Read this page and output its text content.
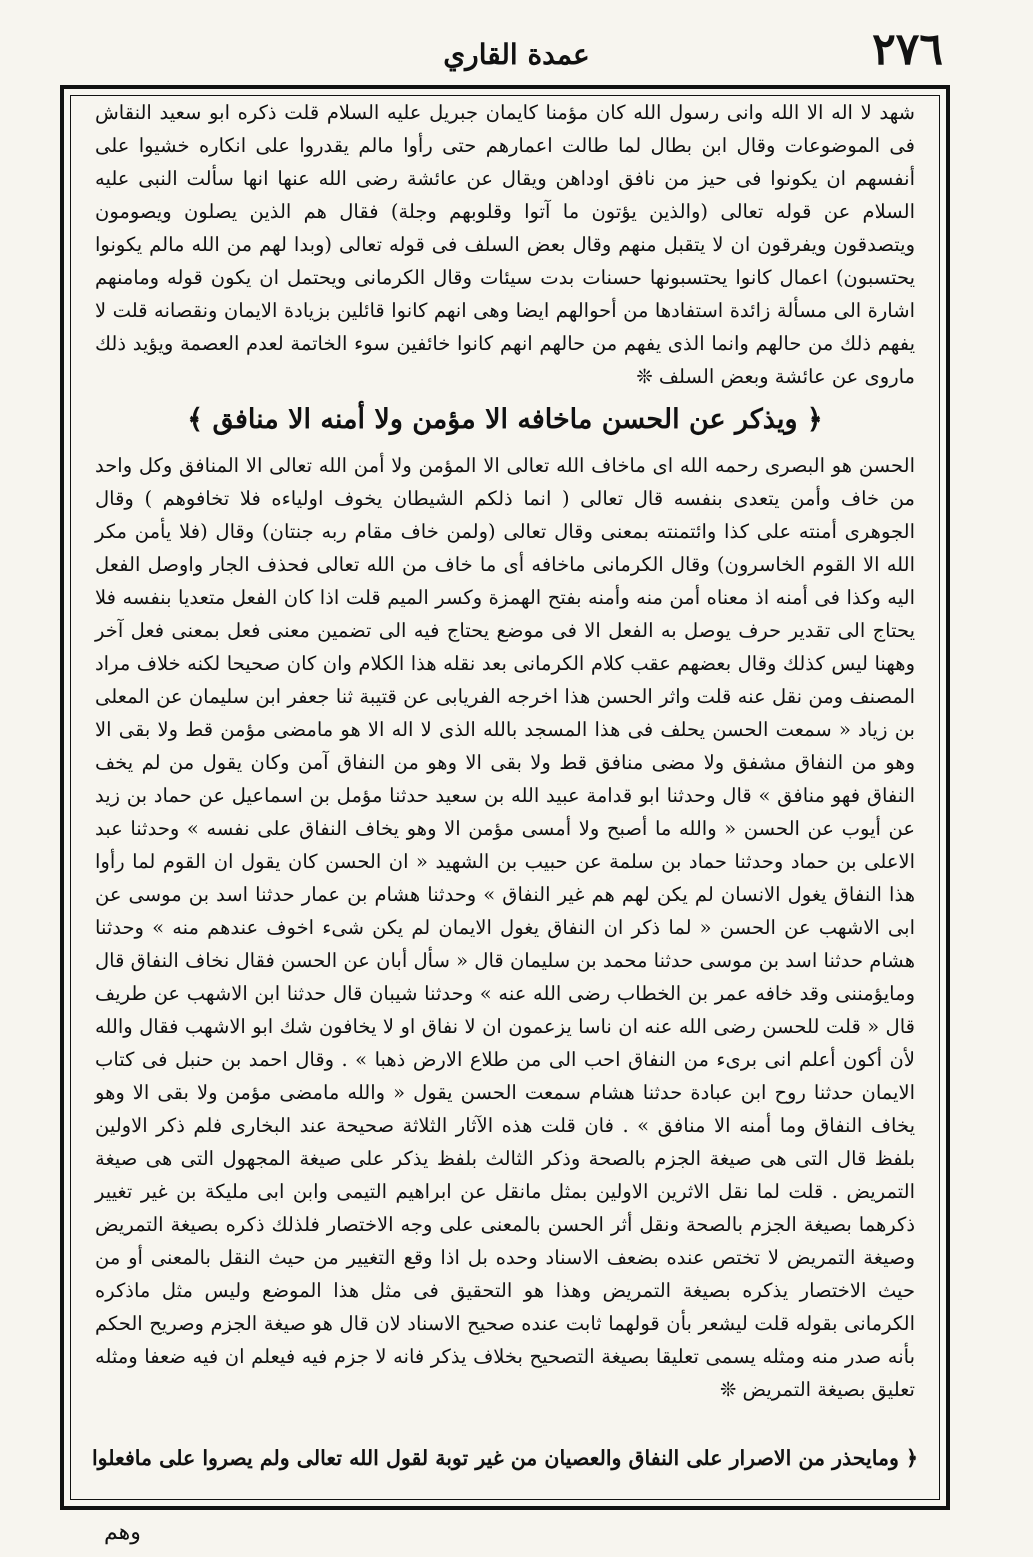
٢٧٦
عمدة القاري

شهد لا اله الا الله وانى رسول الله كان مؤمنا كايمان جبريل عليه السلام قلت ذكره ابو سعيد النقاش فى الموضوعات وقال ابن بطال لما طالت اعمارهم حتى رأوا مالم يقدروا على انكاره خشيوا على أنفسهم ان يكونوا فى حيز من نافق اوداهن ويقال عن عائشة رضى الله عنها انها سألت النبى عليه السلام عن قوله تعالى (والذين يؤتون ما آتوا وقلوبهم وجلة) فقال هم الذين يصلون ويصومون ويتصدقون ويفرقون ان لا يتقبل منهم وقال بعض السلف فى قوله تعالى (وبدا لهم من الله مالم يكونوا يحتسبون) اعمال كانوا يحتسبونها حسنات بدت سيئات وقال الكرمانى ويحتمل ان يكون قوله ومامنهم اشارة الى مسألة زائدة استفادها من أحوالهم ايضا وهى انهم كانوا قائلين بزيادة الايمان ونقصانه قلت لا يفهم ذلك من حالهم وانما الذى يفهم من حالهم انهم كانوا خائفين سوء الخاتمة لعدم العصمة ويؤيد ذلك ماروى عن عائشة وبعض السلف ❊

﴿ ويذكر عن الحسن ماخافه الا مؤمن ولا أمنه الا منافق ﴾

الحسن هو البصرى رحمه الله اى ماخاف الله تعالى الا المؤمن ولا أمن الله تعالى الا المنافق وكل واحد من خاف وأمن يتعدى بنفسه قال تعالى ( انما ذلكم الشيطان يخوف اولياءه فلا تخافوهم ) وقال الجوهرى أمنته على كذا وائتمنته بمعنى وقال تعالى (ولمن خاف مقام ربه جنتان) وقال (فلا يأمن مكر الله الا القوم الخاسرون) وقال الكرمانى ماخافه أى ما خاف من الله تعالى فحذف الجار واوصل الفعل اليه وكذا فى أمنه اذ معناه أمن منه وأمنه بفتح الهمزة وكسر الميم قلت اذا كان الفعل متعديا بنفسه فلا يحتاج الى تقدير حرف يوصل به الفعل الا فى موضع يحتاج فيه الى تضمين معنى فعل بمعنى فعل آخر وههنا ليس كذلك وقال بعضهم عقب كلام الكرمانى بعد نقله هذا الكلام وان كان صحيحا لكنه خلاف مراد المصنف ومن نقل عنه قلت واثر الحسن هذا اخرجه الفريابى عن قتيبة ثنا جعفر ابن سليمان عن المعلى بن زياد « سمعت الحسن يحلف فى هذا المسجد بالله الذى لا اله الا هو مامضى مؤمن قط ولا بقى الا وهو من النفاق مشفق ولا مضى منافق قط ولا بقى الا وهو من النفاق آمن وكان يقول من لم يخف النفاق فهو منافق » قال وحدثنا ابو قدامة عبيد الله بن سعيد حدثنا مؤمل بن اسماعيل عن حماد بن زيد عن أيوب عن الحسن « والله ما أصبح ولا أمسى مؤمن الا وهو يخاف النفاق على نفسه » وحدثنا عبد الاعلى بن حماد وحدثنا حماد بن سلمة عن حبيب بن الشهيد « ان الحسن كان يقول ان القوم لما رأوا هذا النفاق يغول الانسان لم يكن لهم هم غير النفاق » وحدثنا هشام بن عمار حدثنا اسد بن موسى عن ابى الاشهب عن الحسن « لما ذكر ان النفاق يغول الايمان لم يكن شىء اخوف عندهم منه » وحدثنا هشام حدثنا اسد بن موسى حدثنا محمد بن سليمان قال « سأل أبان عن الحسن فقال نخاف النفاق قال ومايؤمننى وقد خافه عمر بن الخطاب رضى الله عنه » وحدثنا شيبان قال حدثنا ابن الاشهب عن طريف قال « قلت للحسن رضى الله عنه ان ناسا يزعمون ان لا نفاق او لا يخافون شك ابو الاشهب فقال والله لأن أكون أعلم انى برىء من النفاق احب الى من طلاع الارض ذهبا » . وقال احمد بن حنبل فى كتاب الايمان حدثنا روح ابن عبادة حدثنا هشام سمعت الحسن يقول « والله مامضى مؤمن ولا بقى الا وهو يخاف النفاق وما أمنه الا منافق » . فان قلت هذه الآثار الثلاثة صحيحة عند البخارى فلم ذكر الاولين بلفظ قال التى هى صيغة الجزم بالصحة وذكر الثالث بلفظ يذكر على صيغة المجهول التى هى صيغة التمريض . قلت لما نقل الاثرين الاولين بمثل مانقل عن ابراهيم التيمى وابن ابى مليكة بن غير تغيير ذكرهما بصيغة الجزم بالصحة ونقل أثر الحسن بالمعنى على وجه الاختصار فلذلك ذكره بصيغة التمريض وصيغة التمريض لا تختص عنده بضعف الاسناد وحده بل اذا وقع التغيير من حيث النقل بالمعنى أو من حيث الاختصار يذكره بصيغة التمريض وهذا هو التحقيق فى مثل هذا الموضع وليس مثل ماذكره الكرمانى بقوله قلت ليشعر بأن قولهما ثابت عنده صحيح الاسناد لان قال هو صيغة الجزم وصريح الحكم بأنه صدر منه ومثله يسمى تعليقا بصيغة التصحيح بخلاف يذكر فانه لا جزم فيه فيعلم ان فيه ضعفا ومثله تعليق بصيغة التمريض ❊

﴿ ومايحذر من الاصرار على النفاق والعصيان من غير توبة لقول الله تعالى ولم يصروا على مافعلوا
وهم
